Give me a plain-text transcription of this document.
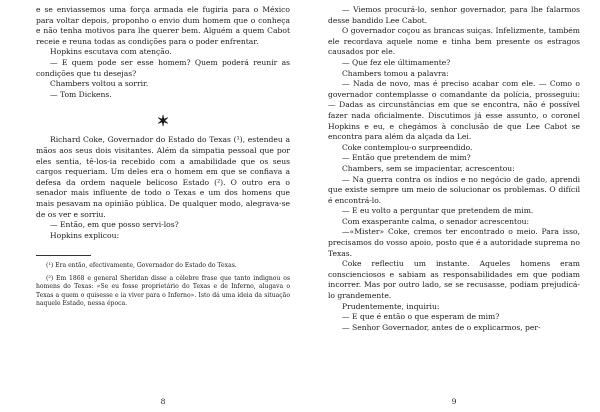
e se enviassemos uma força armada ele fugiria para o México para voltar depois, proponho o envio dum homem que o conheça e não tenha motivos para lhe querer bem. Alguém a quem Cabot receie e reuna todas as condições para o poder enfrentar.

Hopkins escutava com atenção.

— E quem pode ser esse homem? Quem poderá reunir as condições que tu desejas?

Chambers voltou a sorrir.

— Tom Dickens.

✶

Richard Coke, Governador do Estado do Texas (¹), estendeu a mãos aos seus dois visitantes. Além da simpatia pessoal que por eles sentia, tê-los-ia recebido com a amabilidade que os seus cargos requeriam. Um deles era o homem em que se confiava a defesa da ordem naquele belicoso Estado (²). O outro era o senador mais influente de todo o Texas e um dos homens que mais pesavam na opinião pública. De qualquer modo, alegrava-se de os ver e sorriu.

— Então, em que posso servi-los?

Hopkins explicou:

(¹) Era então, efectivamente, Governador do Estado do Texas.

(²) Em 1868 e general Sheridan disse a célebre frase que tanto indignou os homens do Texas: «Se eu fosse proprietário do Texas e de Inferno, alugava o Texas a quem o quisesse e ia viver para o Inferno». Isto dá uma ideia da situação naquele Estado, nessa época.

8

— Viemos procurá-lo, senhor governador, para lhe falarmos desse bandido Lee Cabot.

O governador coçou as brancas suiças. Infelizmente, também ele recordava aquele nome e tinha bem presente os estragos causados por ele.

— Que fez ele últimamente?

Chambers tomou a palavra:

— Nada de novo, mas é preciso acabar com ele. — Como o governador contemplasse o comandante da polícia, prosseguiu: — Dadas as circunstâncias em que se encontra, não é possível fazer nada oficialmente. Discutimos já esse assunto, o coronel Hopkins e eu, e chegámos à conclusão de que Lee Cabot se encontra para além da alçada da Lei.

Coke contemplou-o surpreendido.

— Então que pretendem de mim?

Chambers, sem se impacientar, acrescentou:

— Na guerra contra os índios e no negócio de gado, aprendi que existe sempre um meio de solucionar os problemas. O difícil é encontrá-lo.

— E eu volto a perguntar que pretendem de mim.

Com exasperante calma, o senador acrescentou:

—«Mister» Coke, cremos ter encontrado o meio. Para isso, precisamos do vosso apoio, posto que é a autoridade suprema no Texas.

Coke reflectiu um instante. Aqueles homens eram conscienciosos e sabiam as responsabilidades em que podiam incorrer. Mas por outro lado, se se recusasse, podiam prejudicá-lo grandemente.

Prudentemente, inquiriu:

— E que é então o que esperam de mim?

— Senhor Governador, antes de o explicarmos, per-

9
